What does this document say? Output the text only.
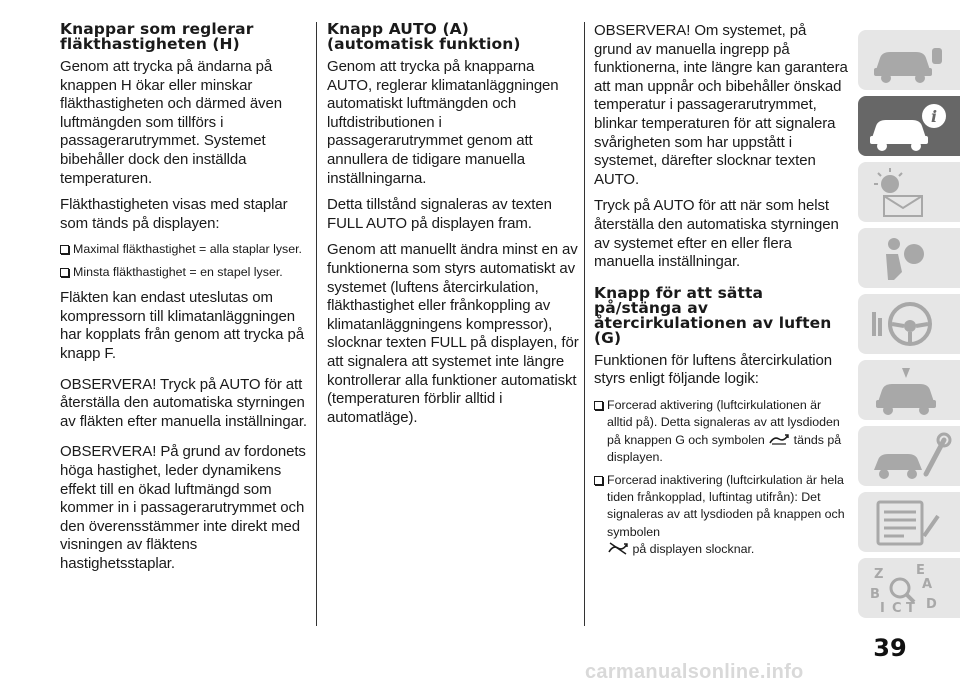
Knappar som reglerar fläkthastigheten (H)

Genom att trycka på ändarna på knappen H ökar eller minskar fläkthastigheten och därmed även luftmängden som tillförs i passagerarutrymmet. Systemet bibehåller dock den inställda temperaturen.

Fläkthastigheten visas med staplar som tänds på displayen:

Maximal fläkthastighet = alla staplar lyser.
Minsta fläkthastighet = en stapel lyser.

Fläkten kan endast uteslutas om kompressorn till klimatanläggningen har kopplats från genom att trycka på knapp F.

OBSERVERA! Tryck på AUTO för att återställa den automatiska styrningen av fläkten efter manuella inställningar.

OBSERVERA! På grund av fordonets höga hastighet, leder dynamikens effekt till en ökad luftmängd som kommer in i passagerarutrymmet och den överensstämmer inte direkt med visningen av fläktens hastighetsstaplar.

Knapp AUTO (A) (automatisk funktion)

Genom att trycka på knapparna AUTO, reglerar klimatanläggningen automatiskt luftmängden och luftdistributionen i passagerarutrymmet genom att annullera de tidigare manuella inställningarna.

Detta tillstånd signaleras av texten FULL AUTO på displayen fram.

Genom att manuellt ändra minst en av funktionerna som styrs automatiskt av systemet (luftens återcirkulation, fläkthastighet eller frånkoppling av klimatanläggningens kompressor), slocknar texten FULL på displayen, för att signalera att systemet inte längre kontrollerar alla funktioner automatiskt (temperaturen förblir alltid i automatläge).

OBSERVERA! Om systemet, på grund av manuella ingrepp på funktionerna, inte längre kan garantera att man uppnår och bibehåller önskad temperatur i passagerarutrymmet, blinkar temperaturen för att signalera svårigheten som har uppstått i systemet, därefter slocknar texten AUTO.

Tryck på AUTO för att när som helst återställa den automatiska styrningen av systemet efter en eller flera manuella inställningar.

Knapp för att sätta på/stänga av återcirkulationen av luften (G)

Funktionen för luftens återcirkulation styrs enligt följande logik:

Forcerad aktivering (luftcirkulationen är alltid på). Detta signaleras av att lysdioden på knappen G och symbolen tänds på displayen.
Forcerad inaktivering (luftcirkulation är hela tiden frånkopplad, luftintag utifrån): Det signaleras av att lysdioden på knappen och symbolen
på displayen slocknar.
i
Z	E
A
B
I C T D
39
carmanualsonline.info
